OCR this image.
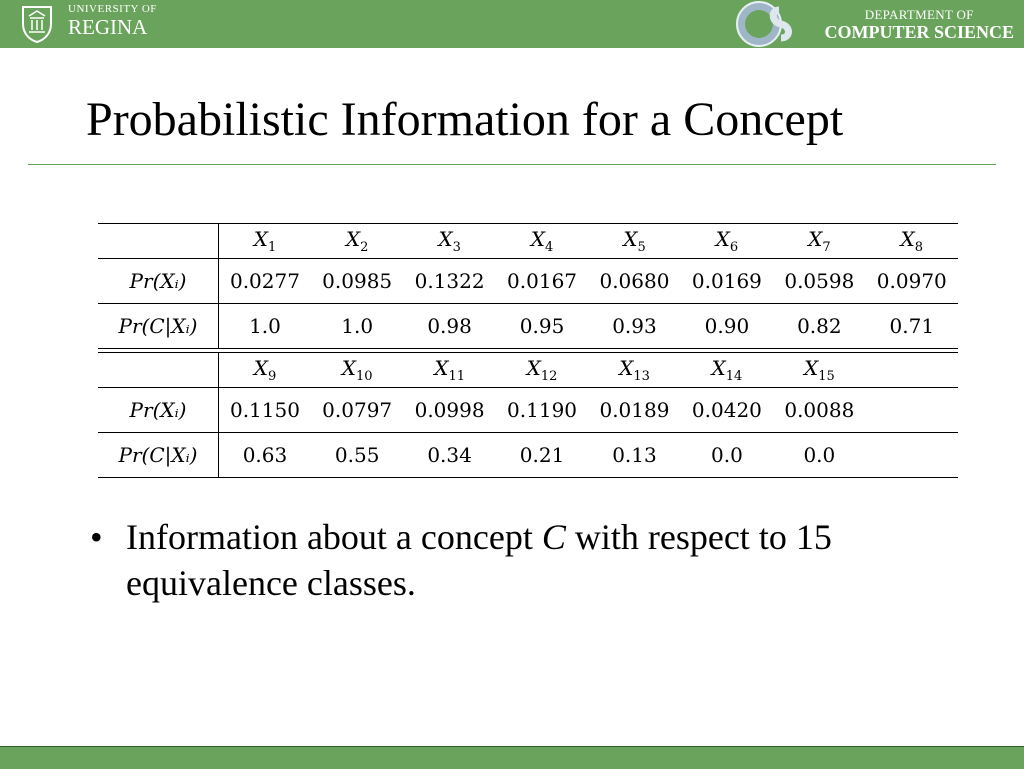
UNIVERSITY OF
REGINA
DEPARTMENT OF
COMPUTER SCIENCE
Probabilistic Information for a Concept
	$X_1$	$X_2$	$X_3$	$X_4$	$X_5$	$X_6$	$X_7$	$X_8$
Pr(Xᵢ)	0.0277	0.0985	0.1322	0.0167	0.0680	0.0169	0.0598	0.0970
Pr(C|Xᵢ)	1.0	1.0	0.98	0.95	0.93	0.90	0.82	0.71
	$X_9$	$X_{10}$	$X_{11}$	$X_{12}$	$X_{13}$	$X_{14}$	$X_{15}$	
Pr(Xᵢ)	0.1150	0.0797	0.0998	0.1190	0.0189	0.0420	0.0088	
Pr(C|Xᵢ)	0.63	0.55	0.34	0.21	0.13	0.0	0.0	
• Information about a concept C with respect to 15 equivalence classes.
